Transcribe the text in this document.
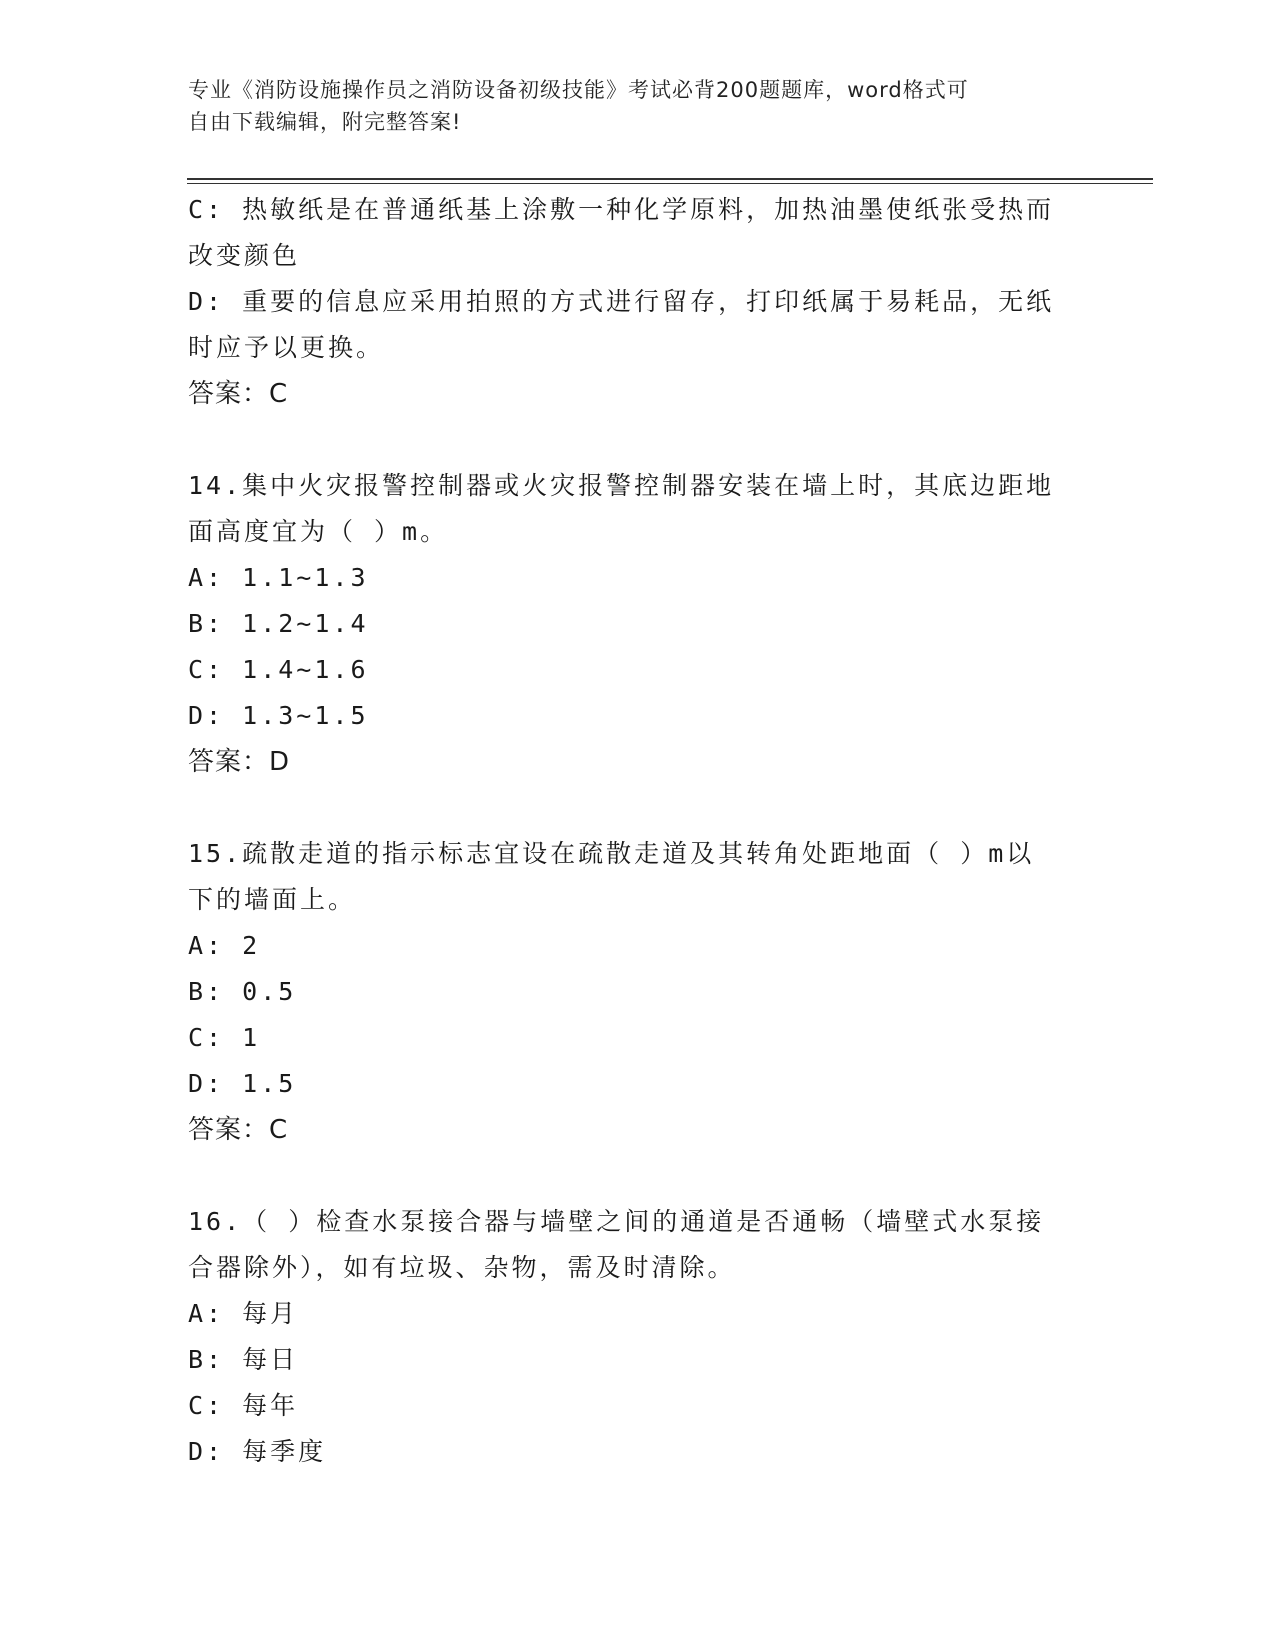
专业《消防设施操作员之消防设备初级技能》考试必背200题题库，word格式可
自由下载编辑，附完整答案!
C: 热敏纸是在普通纸基上涂敷一种化学原料，加热油墨使纸张受热而
改变颜色
D: 重要的信息应采用拍照的方式进行留存，打印纸属于易耗品，无纸
时应予以更换。
答案：C
14.集中火灾报警控制器或火灾报警控制器安装在墙上时，其底边距地
面高度宜为（ ）m。
A: 1.1~1.3
B: 1.2~1.4
C: 1.4~1.6
D: 1.3~1.5
答案：D
15.疏散走道的指示标志宜设在疏散走道及其转角处距地面（ ）m以
下的墙面上。
A: 2
B: 0.5
C: 1
D: 1.5
答案：C
16.（ ）检查水泵接合器与墙壁之间的通道是否通畅（墙壁式水泵接
合器除外），如有垃圾、杂物，需及时清除。
A: 每月
B: 每日
C: 每年
D: 每季度
